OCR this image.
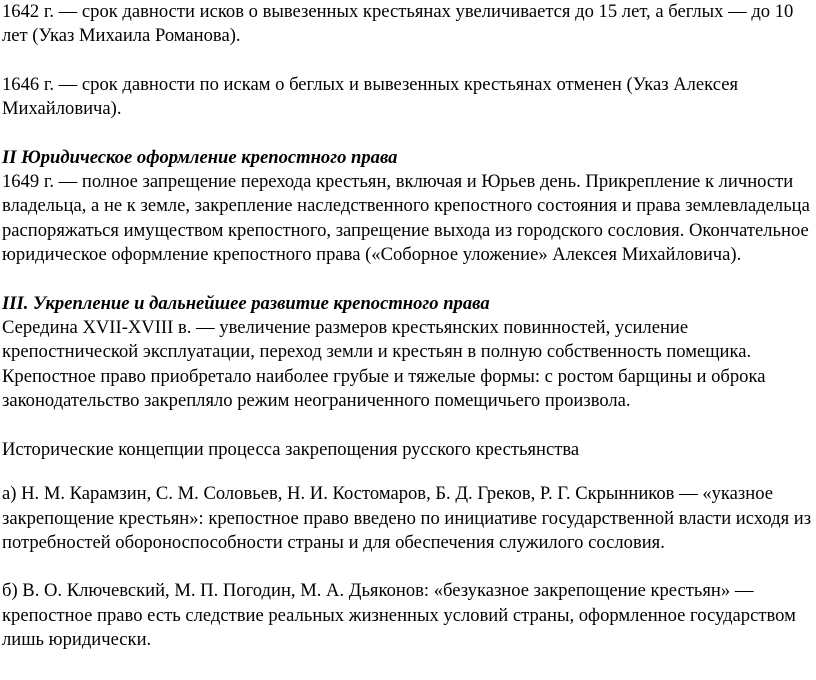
1642 г. — срок давности исков о вывезенных крестьянах увеличивается до 15 лет, а беглых — до 10 лет (Указ Михаила Романова).

1646 г. — срок давности по искам о беглых и вывезенных крестьянах отменен (Указ Алексея Михайловича).

II Юридическое оформление крепостного права

1649 г. — полное запрещение перехода крестьян, включая и Юрьев день. Прикрепление к личности владельца, а не к земле, закрепление наследственного крепостного состояния и права землевладельца распоряжаться имуществом крепостного, запрещение выхода из городского сословия. Окончательное юридическое оформление крепостного права («Соборное уложение» Алексея Михайловича).

III. Укрепление и дальнейшее развитие крепостного права

Середина XVII-XVIII в. — увеличение размеров крестьянских повинностей, усиление крепостнической эксплуатации, переход земли и крестьян в полную собственность помещика. Крепостное право приобретало наиболее грубые и тяжелые формы: с ростом барщины и оброка законодательство закрепляло режим неограниченного помещичьего произвола.

Исторические концепции процесса закрепощения русского крестьянства

а) Н. М. Карамзин, С. М. Соловьев, Н. И. Костомаров, Б. Д. Греков, Р. Г. Скрынников — «указное закрепощение крестьян»: крепостное право введено по инициативе государственной власти исходя из потребностей обороноспособности страны и для обеспечения служилого сословия.

б) В. О. Ключевский, М. П. Погодин, М. А. Дьяконов: «безуказное закрепощение крестьян» — крепостное право есть следствие реальных жизненных условий страны, оформленное государством лишь юридически.
